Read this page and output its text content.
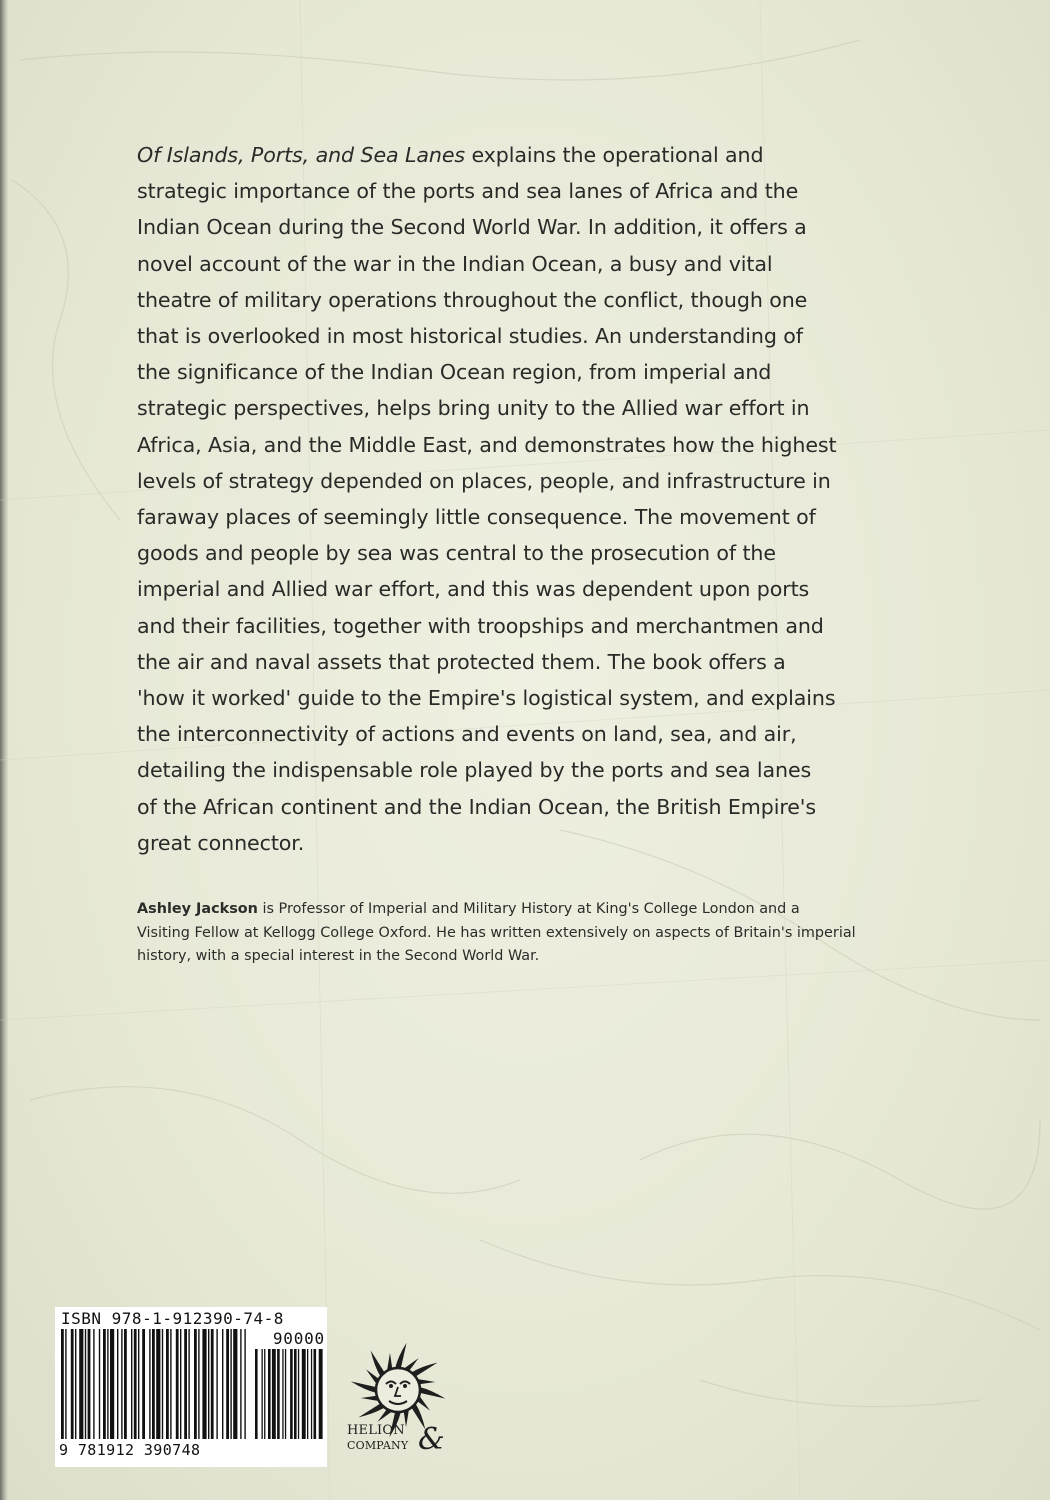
Of Islands, Ports, and Sea Lanes explains the operational and strategic importance of the ports and sea lanes of Africa and the Indian Ocean during the Second World War. In addition, it offers a novel account of the war in the Indian Ocean, a busy and vital theatre of military operations throughout the conflict, though one that is overlooked in most historical studies. An understanding of the significance of the Indian Ocean region, from imperial and strategic perspectives, helps bring unity to the Allied war effort in Africa, Asia, and the Middle East, and demonstrates how the highest levels of strategy depended on places, people, and infrastructure in faraway places of seemingly little consequence. The movement of goods and people by sea was central to the prosecution of the imperial and Allied war effort, and this was dependent upon ports and their facilities, together with troopships and merchantmen and the air and naval assets that protected them. The book offers a 'how it worked' guide to the Empire's logistical system, and explains the interconnectivity of actions and events on land, sea, and air, detailing the indispensable role played by the ports and sea lanes of the African continent and the Indian Ocean, the British Empire's great connector.
Ashley Jackson is Professor of Imperial and Military History at King's College London and a Visiting Fellow at Kellogg College Oxford. He has written extensively on aspects of Britain's imperial history, with a special interest in the Second World War.
ISBN 978-1-912390-74-8
90000
9 781912 390748
HELION
COMPANY &
